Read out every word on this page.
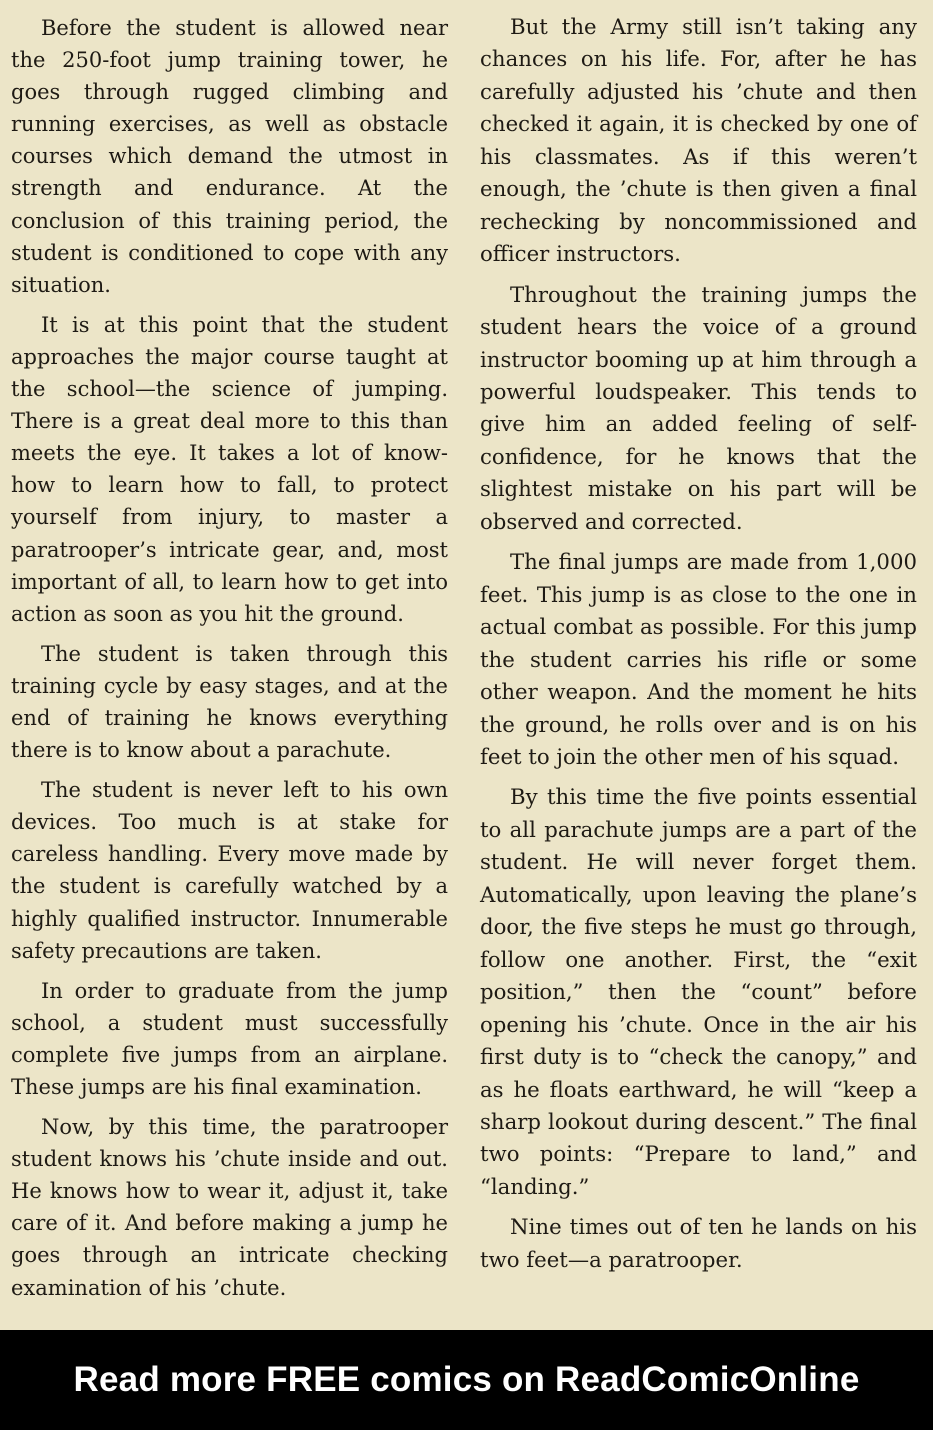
Before the student is allowed near the 250-foot jump training tower, he goes through rugged climbing and running exercises, as well as obstacle courses which demand the utmost in strength and endurance. At the conclusion of this training period, the student is conditioned to cope with any situation.

It is at this point that the student approaches the major course taught at the school—the science of jumping. There is a great deal more to this than meets the eye. It takes a lot of know-how to learn how to fall, to protect yourself from injury, to master a paratrooper’s intricate gear, and, most important of all, to learn how to get into action as soon as you hit the ground.

The student is taken through this training cycle by easy stages, and at the end of training he knows everything there is to know about a parachute.

The student is never left to his own devices. Too much is at stake for careless handling. Every move made by the student is carefully watched by a highly qualified instructor. Innumerable safety precautions are taken.

In order to graduate from the jump school, a student must successfully complete five jumps from an airplane. These jumps are his final examination.

Now, by this time, the paratrooper student knows his ’chute inside and out. He knows how to wear it, adjust it, take care of it. And before making a jump he goes through an intricate checking examination of his ’chute.

But the Army still isn’t taking any chances on his life. For, after he has carefully adjusted his ’chute and then checked it again, it is checked by one of his classmates. As if this weren’t enough, the ’chute is then given a final rechecking by noncommissioned and officer instructors.

Throughout the training jumps the student hears the voice of a ground instructor booming up at him through a powerful loudspeaker. This tends to give him an added feeling of self-confidence, for he knows that the slightest mistake on his part will be observed and corrected.

The final jumps are made from 1,000 feet. This jump is as close to the one in actual combat as possible. For this jump the student carries his rifle or some other weapon. And the moment he hits the ground, he rolls over and is on his feet to join the other men of his squad.

By this time the five points essential to all parachute jumps are a part of the student. He will never forget them. Automatically, upon leaving the plane’s door, the five steps he must go through, follow one another. First, the “exit position,” then the “count” before opening his ’chute. Once in the air his first duty is to “check the canopy,” and as he floats earthward, he will “keep a sharp lookout during descent.” The final two points: “Prepare to land,” and “landing.”

Nine times out of ten he lands on his two feet—a paratrooper.

Read more FREE comics on ReadComicOnline
